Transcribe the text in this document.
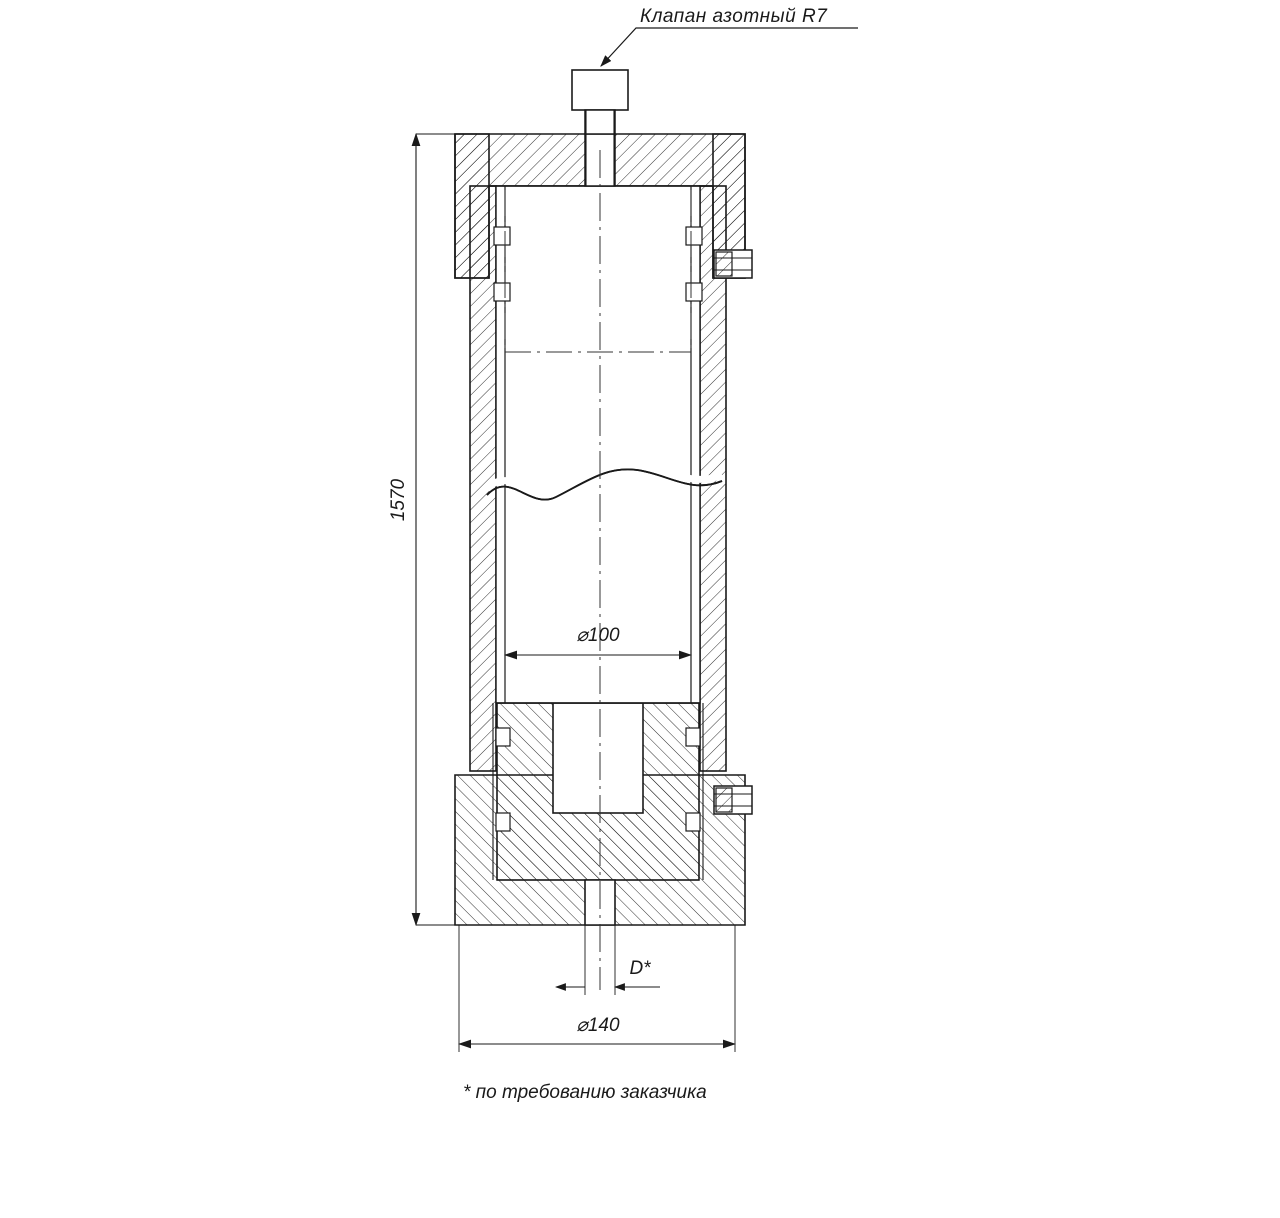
Клапан азотный R7
1570
⌀100
D*
⌀140
* по требованию заказчика
